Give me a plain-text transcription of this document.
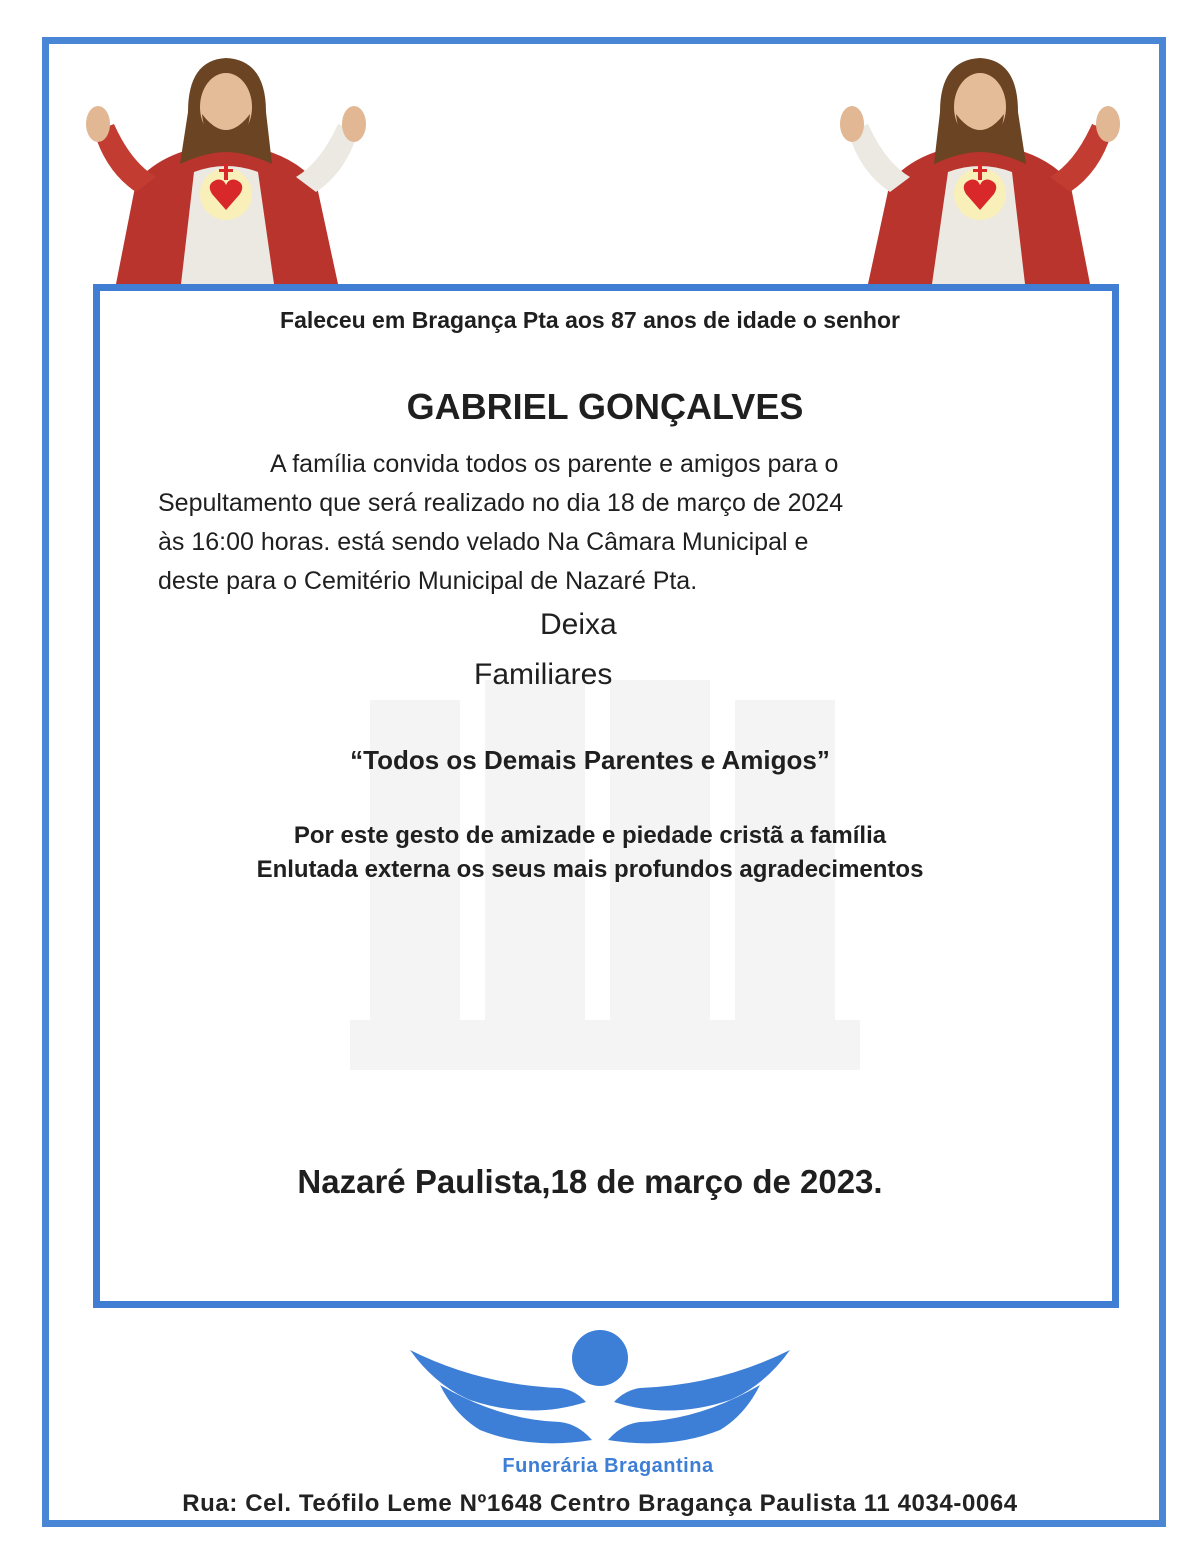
Faleceu em Bragança Pta aos 87 anos de idade o senhor
GABRIEL GONÇALVES
A família convida todos os parente e amigos para o
Sepultamento que será realizado no dia 18 de março de 2024
às 16:00 horas. está sendo velado Na Câmara Municipal e
deste para o Cemitério Municipal de Nazaré Pta.
Deixa
Familiares
“Todos os Demais Parentes e Amigos”
Por este gesto de amizade e piedade cristã a família
Enlutada externa os seus mais profundos agradecimentos
Nazaré Paulista,18 de março de 2023.
Funerária Bragantina
Rua: Cel. Teófilo Leme Nº1648 Centro Bragança Paulista 11 4034-0064
